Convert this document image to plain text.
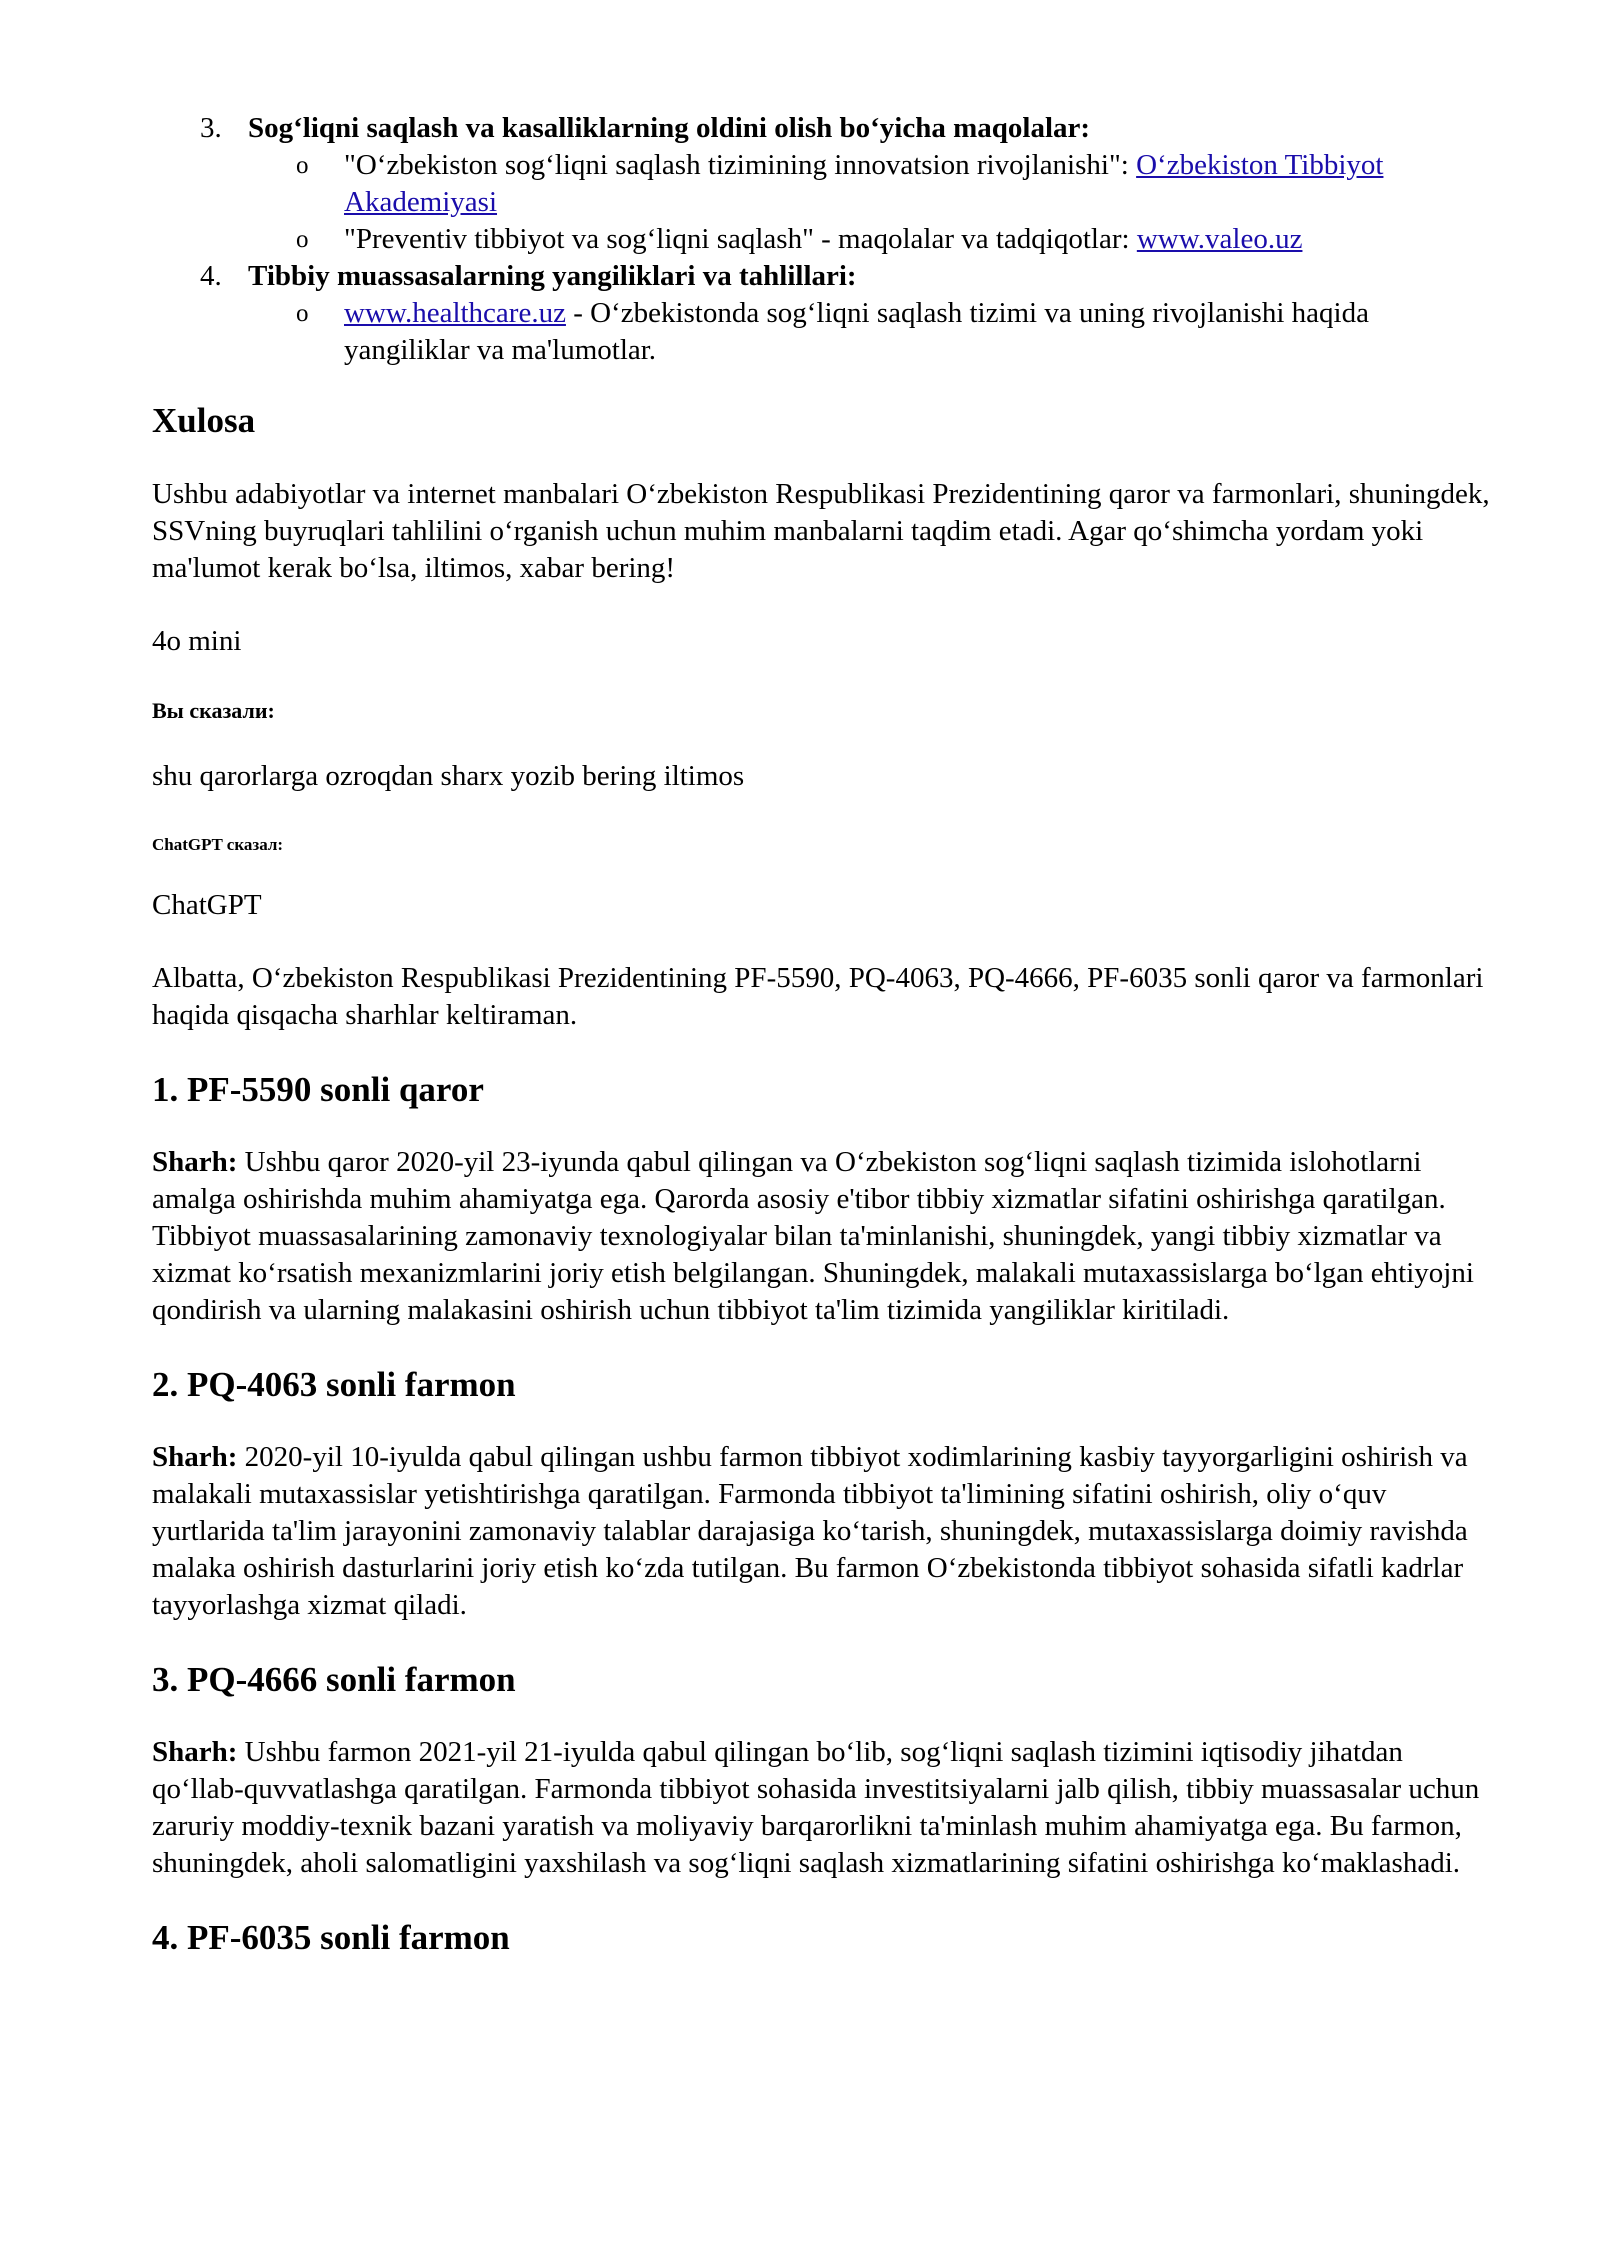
3. Sog‘liqni saqlash va kasalliklarning oldini olish bo‘yicha maqolalar:
o "O‘zbekiston sog‘liqni saqlash tizimining innovatsion rivojlanishi": O‘zbekiston Tibbiyot Akademiyasi
o "Preventiv tibbiyot va sog‘liqni saqlash" - maqolalar va tadqiqotlar: www.valeo.uz
4. Tibbiy muassasalarning yangiliklari va tahlillari:
o www.healthcare.uz - O‘zbekistonda sog‘liqni saqlash tizimi va uning rivojlanishi haqida yangiliklar va ma'lumotlar.
Xulosa

Ushbu adabiyotlar va internet manbalari O‘zbekiston Respublikasi Prezidentining qaror va farmonlari, shuningdek, SSVning buyruqlari tahlilini o‘rganish uchun muhim manbalarni taqdim etadi. Agar qo‘shimcha yordam yoki ma'lumot kerak bo‘lsa, iltimos, xabar bering!

4o mini

Вы сказали:

shu qarorlarga ozroqdan sharx yozib bering iltimos

ChatGPT сказал:

ChatGPT

Albatta, O‘zbekiston Respublikasi Prezidentining PF-5590, PQ-4063, PQ-4666, PF-6035 sonli qaror va farmonlari haqida qisqacha sharhlar keltiraman.

1. PF-5590 sonli qaror

Sharh: Ushbu qaror 2020-yil 23-iyunda qabul qilingan va O‘zbekiston sog‘liqni saqlash tizimida islohotlarni amalga oshirishda muhim ahamiyatga ega. Qarorda asosiy e'tibor tibbiy xizmatlar sifatini oshirishga qaratilgan. Tibbiyot muassasalarining zamonaviy texnologiyalar bilan ta'minlanishi, shuningdek, yangi tibbiy xizmatlar va xizmat ko‘rsatish mexanizmlarini joriy etish belgilangan. Shuningdek, malakali mutaxassislarga bo‘lgan ehtiyojni qondirish va ularning malakasini oshirish uchun tibbiyot ta'lim tizimida yangiliklar kiritiladi.

2. PQ-4063 sonli farmon

Sharh: 2020-yil 10-iyulda qabul qilingan ushbu farmon tibbiyot xodimlarining kasbiy tayyorgarligini oshirish va malakali mutaxassislar yetishtirishga qaratilgan. Farmonda tibbiyot ta'limining sifatini oshirish, oliy o‘quv yurtlarida ta'lim jarayonini zamonaviy talablar darajasiga ko‘tarish, shuningdek, mutaxassislarga doimiy ravishda malaka oshirish dasturlarini joriy etish ko‘zda tutilgan. Bu farmon O‘zbekistonda tibbiyot sohasida sifatli kadrlar tayyorlashga xizmat qiladi.

3. PQ-4666 sonli farmon

Sharh: Ushbu farmon 2021-yil 21-iyulda qabul qilingan bo‘lib, sog‘liqni saqlash tizimini iqtisodiy jihatdan qo‘llab-quvvatlashga qaratilgan. Farmonda tibbiyot sohasida investitsiyalarni jalb qilish, tibbiy muassasalar uchun zaruriy moddiy-texnik bazani yaratish va moliyaviy barqarorlikni ta'minlash muhim ahamiyatga ega. Bu farmon, shuningdek, aholi salomatligini yaxshilash va sog‘liqni saqlash xizmatlarining sifatini oshirishga ko‘maklashadi.

4. PF-6035 sonli farmon
